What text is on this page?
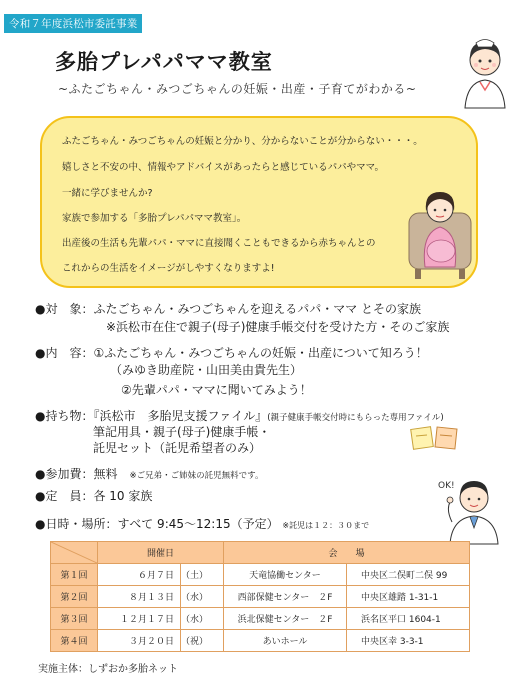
令和７年度浜松市委託事業
多胎プレパパママ教室
~ふたごちゃん・みつごちゃんの妊娠・出産・子育てがわかる~

ふたごちゃん・みつごちゃんの妊娠と分かり、分からないことが分からない・・・。

嬉しさと不安の中、情報やアドバイスがあったらと感じているパパやママ。

一緒に学びませんか?

家族で参加する「多胎プレパパママ教室」。

出産後の生活も先輩パパ・ママに直接聞くこともできるから赤ちゃんとの

これからの生活をイメージがしやすくなりますよ!

●対　象：ふたごちゃん・みつごちゃんを迎えるパパ・ママ とその家族
※浜松市在住で親子(母子)健康手帳交付を受けた方・そのご家族
●内　容：①ふたごちゃん・みつごちゃんの妊娠・出産について知ろう！
（みゆき助産院・山田美由貴先生）
②先輩パパ・ママに聞いてみよう！
●持ち物：『浜松市　多胎児支援ファイル』(親子健康手帳交付時にもらった専用ファイル)
筆記用具・親子(母子)健康手帳・
託児セット（託児希望者のみ）
●参加費：無料　 ※ご兄弟・ご姉妹の託児無料です。
●定　員：各 10 家族
●日時・場所：すべて 9:45～12:15（予定） ※託児は１２：３０まで
OK!
	開催日		会　　場	
第１回	６月７日	（土）	天竜協働センター	中央区二俣町二俣 99
第２回	８月１３日	（水）	西部保健センター　２F	中央区雄踏 1-31-1
第３回	１２月１７日	（水）	浜北保健センター　２F	浜名区平口 1604-1
第４回	３月２０日	（祝）	あいホール	中央区幸 3-3-1
実施主体：しずおか多胎ネット
